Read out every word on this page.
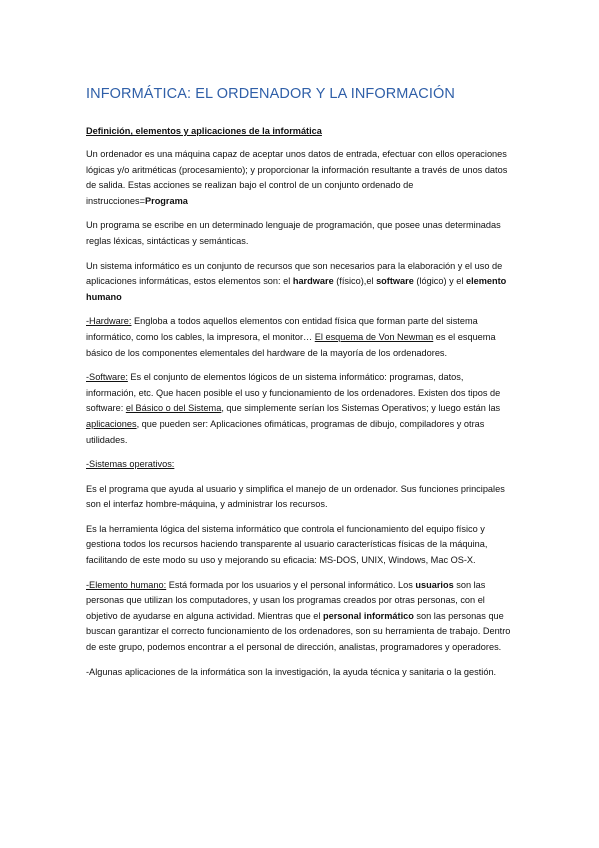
INFORMÁTICA: EL ORDENADOR Y LA INFORMACIÓN
Definición, elementos y aplicaciones de la informática

Un ordenador es una máquina capaz de aceptar unos datos de entrada, efectuar con ellos operaciones lógicas y/o aritméticas (procesamiento); y proporcionar la información resultante a través de unos datos de salida. Estas acciones se realizan bajo el control de un conjunto ordenado de instrucciones=Programa

Un programa se escribe en un determinado lenguaje de programación, que posee unas determinadas reglas léxicas, sintácticas y semánticas.

Un sistema informático es un conjunto de recursos que son necesarios para la elaboración y el uso de aplicaciones informáticas, estos elementos son: el hardware (físico),el software (lógico) y el elemento humano

-Hardware: Engloba a todos aquellos elementos con entidad física que forman parte del sistema informático, como los cables, la impresora, el monitor… El esquema de Von Newman es el esquema básico de los componentes elementales del hardware de la mayoría de los ordenadores.

-Software: Es el conjunto de elementos lógicos de un sistema informático: programas, datos, información, etc. Que hacen posible el uso y funcionamiento de los ordenadores. Existen dos tipos de software: el Básico o del Sistema, que simplemente serían los Sistemas Operativos; y luego están las aplicaciones, que pueden ser: Aplicaciones ofimáticas, programas de dibujo, compiladores y otras utilidades.

-Sistemas operativos:

Es el programa que ayuda al usuario y simplifica el manejo de un ordenador. Sus funciones principales son el interfaz hombre-máquina, y administrar los recursos.

Es la herramienta lógica del sistema informático que controla el funcionamiento del equipo físico y gestiona todos los recursos haciendo transparente al usuario características físicas de la máquina, facilitando de este modo su uso y mejorando su eficacia: MS-DOS, UNIX, Windows, Mac OS-X.

-Elemento humano: Está formada por los usuarios y el personal informático. Los usuarios son las personas que utilizan los computadores, y usan los programas creados por otras personas, con el objetivo de ayudarse en alguna actividad. Mientras que el personal informático son las personas que buscan garantizar el correcto funcionamiento de los ordenadores, son su herramienta de trabajo. Dentro de este grupo, podemos encontrar a el personal de dirección, analistas, programadores y operadores.

-Algunas aplicaciones de la informática son la investigación, la ayuda técnica y sanitaria o la gestión.
